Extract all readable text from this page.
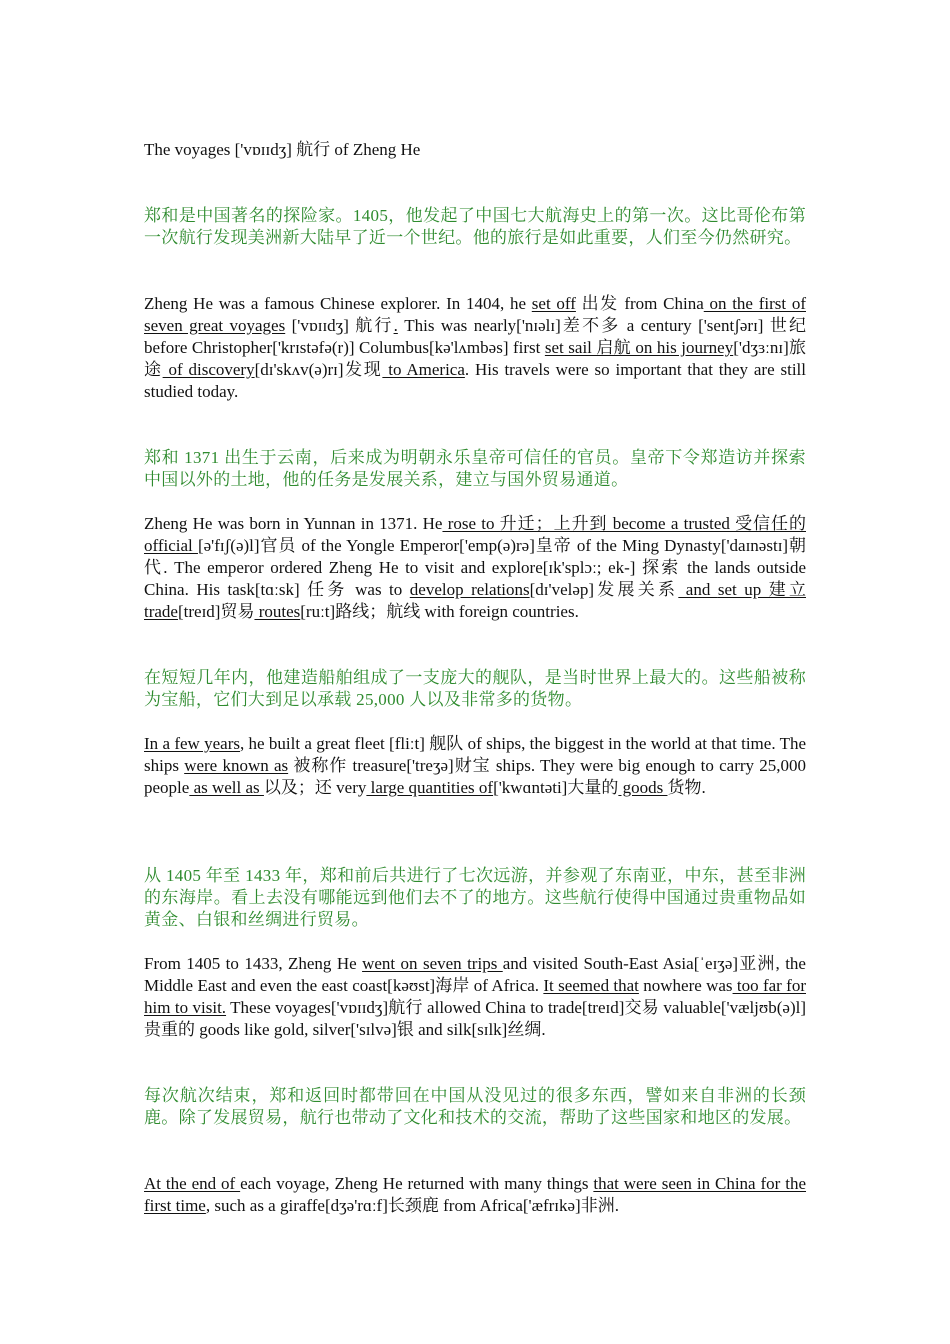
The voyages ['vɒɪɪdʒ] 航行 of Zheng He
郑和是中国著名的探险家。1405，他发起了中国七大航海史上的第一次。这比哥伦布第一次航行发现美洲新大陆早了近一个世纪。他的旅行是如此重要，人们至今仍然研究。
Zheng He was a famous Chinese explorer. In 1404, he set off 出发 from China on the first of seven great voyages ['vɒɪɪdʒ] 航行. This was nearly['nɪəlɪ]差不多 a century ['sentʃərɪ] 世纪 before Christopher['krɪstəfə(r)] Columbus[kə'lʌmbəs] first set sail 启航 on his journey['dʒɜːnɪ]旅途 of discovery[dɪ'skʌv(ə)rɪ]发现 to America. His travels were so important that they are still studied today.
郑和 1371 出生于云南，后来成为明朝永乐皇帝可信任的官员。皇帝下令郑造访并探索中国以外的土地，他的任务是发展关系，建立与国外贸易通道。
Zheng He was born in Yunnan in 1371. He rose to 升迁；上升到 become a trusted 受信任的 official [ə'fɪʃ(ə)l]官员 of the Yongle Emperor['emp(ə)rə]皇帝 of the Ming Dynasty['daɪnəstɪ]朝代. The emperor ordered Zheng He to visit and explore[ɪk'splɔː; ek-] 探索 the lands outside China. His task[tɑːsk] 任务 was to develop relations[dɪ'veləp]发展关系 and set up 建立 trade[treɪd]贸易 routes[ruːt]路线；航线 with foreign countries.
在短短几年内，他建造船舶组成了一支庞大的舰队，是当时世界上最大的。这些船被称为宝船，它们大到足以承载 25,000 人以及非常多的货物。
In a few years, he built a great fleet [fliːt] 舰队 of ships, the biggest in the world at that time. The ships were known as 被称作 treasure['treʒə]财宝 ships. They were big enough to carry 25,000 people as well as 以及；还 very large quantities of['kwɑntəti]大量的 goods 货物.
从 1405 年至 1433 年，郑和前后共进行了七次远游，并参观了东南亚，中东，甚至非洲的东海岸。看上去没有哪能远到他们去不了的地方。这些航行使得中国通过贵重物品如黄金、白银和丝绸进行贸易。
From 1405 to 1433, Zheng He went on seven trips and visited South-East Asia[ˈeɪʒə]亚洲, the Middle East and even the east coast[kəʊst]海岸 of Africa. It seemed that nowhere was too far for him to visit. These voyages['vɒɪɪdʒ]航行 allowed China to trade[treɪd]交易 valuable['væljʊb(ə)l]贵重的 goods like gold, silver['sɪlvə]银 and silk[sɪlk]丝绸.
每次航次结束，郑和返回时都带回在中国从没见过的很多东西，譬如来自非洲的长颈鹿。除了发展贸易，航行也带动了文化和技术的交流，帮助了这些国家和地区的发展。
At the end of each voyage, Zheng He returned with many things that were seen in China for the first time, such as a giraffe[dʒə'rɑːf]长颈鹿 from Africa['æfrɪkə]非洲.
